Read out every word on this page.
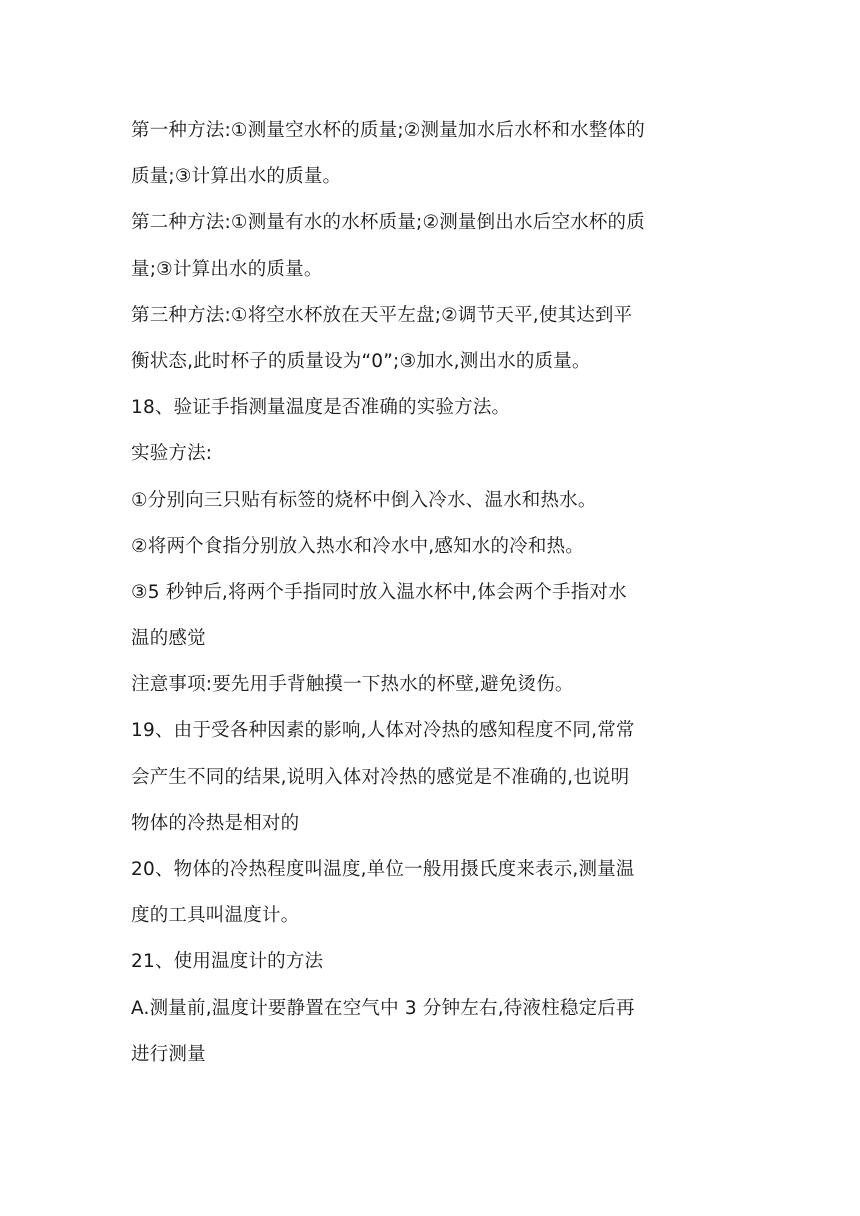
第一种方法:①测量空水杯的质量;②测量加水后水杯和水整体的
质量;③计算出水的质量。
第二种方法:①测量有水的水杯质量;②测量倒出水后空水杯的质
量;③计算出水的质量。
第三种方法:①将空水杯放在天平左盘;②调节天平,使其达到平
衡状态,此时杯子的质量设为“0”;③加水,测出水的质量。
18、验证手指测量温度是否准确的实验方法。
实验方法:
①分别向三只贴有标签的烧杯中倒入冷水、温水和热水。
②将两个食指分别放入热水和冷水中,感知水的冷和热。
③5 秒钟后,将两个手指同时放入温水杯中,体会两个手指对水
温的感觉
注意事项:要先用手背触摸一下热水的杯壁,避免烫伤。
19、由于受各种因素的影响,人体对冷热的感知程度不同,常常
会产生不同的结果,说明入体对冷热的感觉是不准确的,也说明
物体的冷热是相对的
20、物体的冷热程度叫温度,单位一般用摄氏度来表示,测量温
度的工具叫温度计。
21、使用温度计的方法
A.测量前,温度计要静置在空气中 3 分钟左右,待液柱稳定后再
进行测量
